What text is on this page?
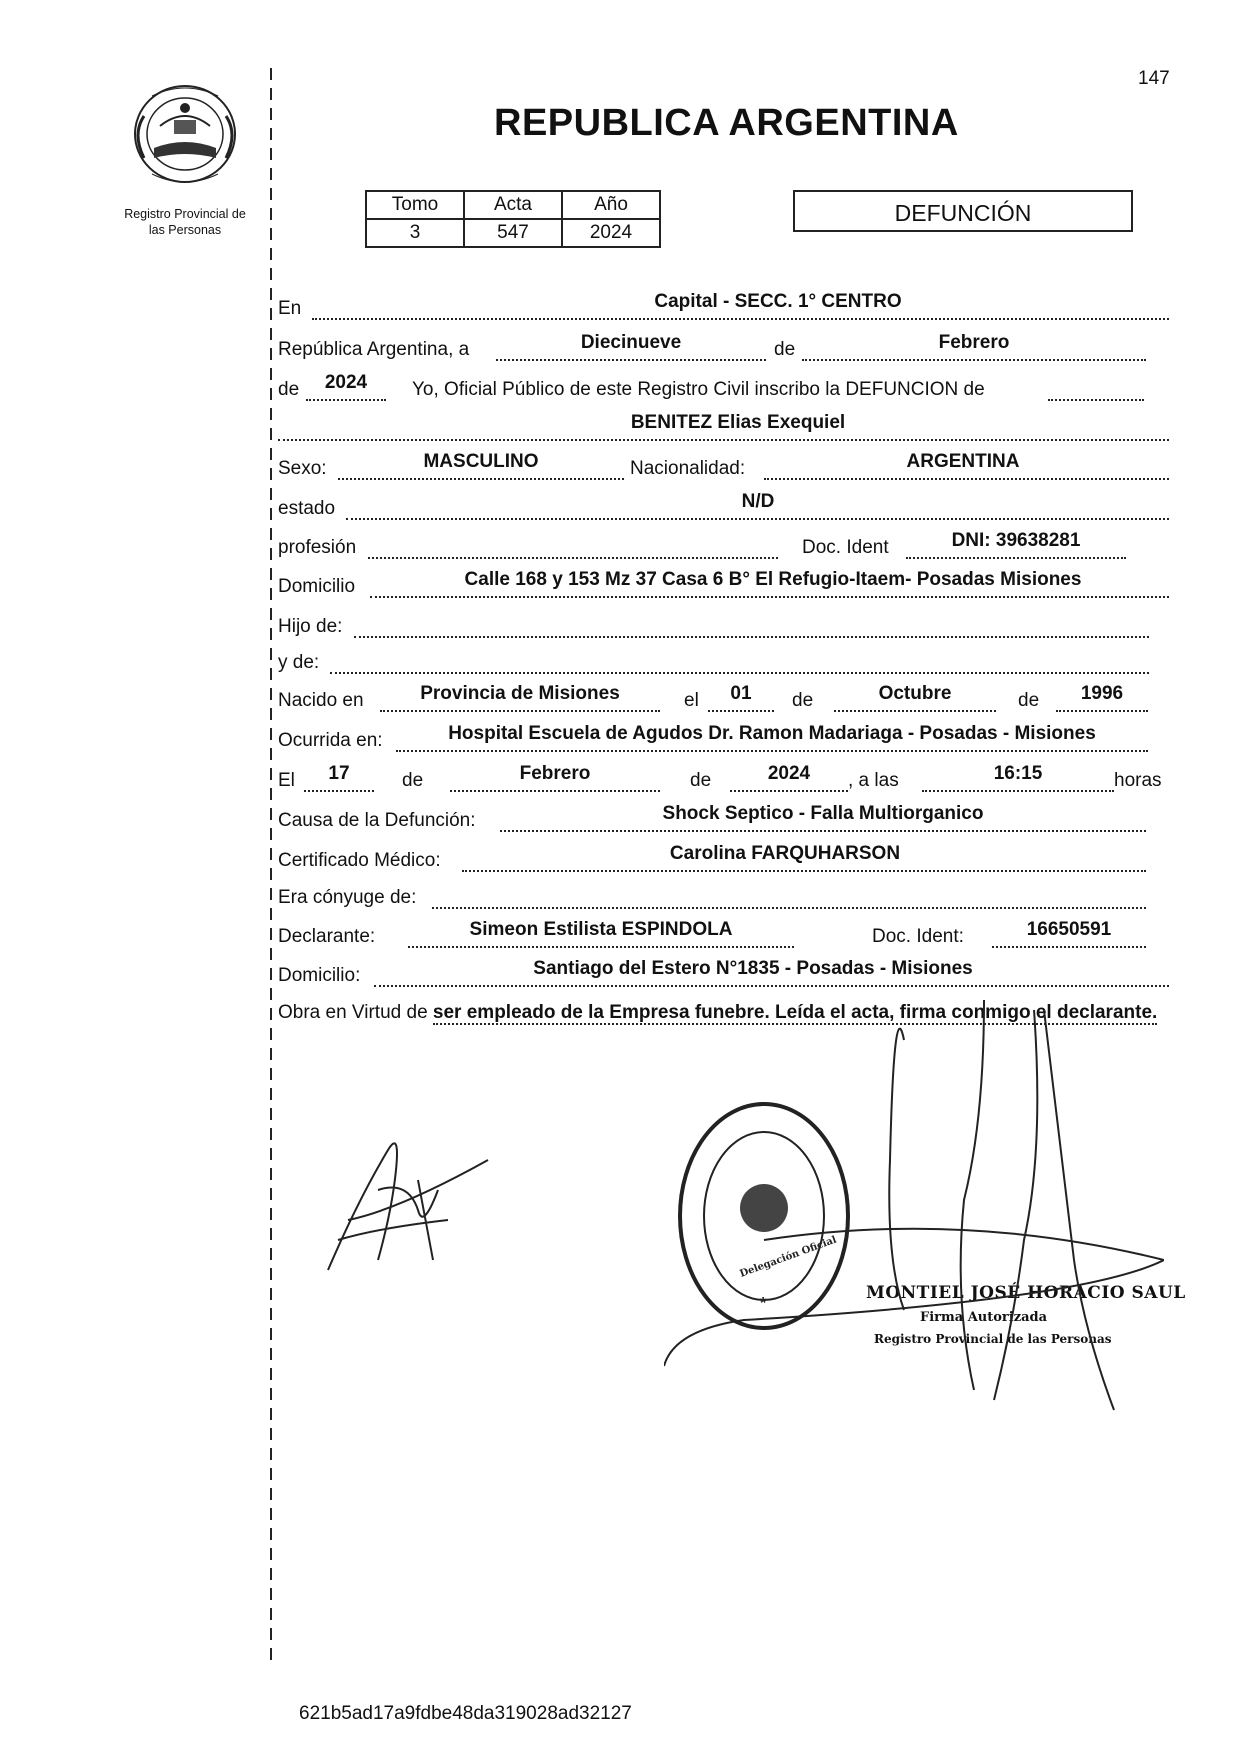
147
Registro Provincial de
las Personas
REPUBLICA ARGENTINA
Tomo	Acta	Año
3	547	2024
DEFUNCIÓN
En	Capital - SECC. 1° CENTRO
República Argentina, a	Diecinueve	de	Febrero
de	2024	Yo, Oficial Público de este Registro Civil inscribo la DEFUNCION de
BENITEZ Elias Exequiel
Sexo:	MASCULINO	Nacionalidad:	ARGENTINA
estado	N/D
profesión	Doc. Ident	DNI: 39638281
Domicilio	Calle 168 y 153 Mz 37 Casa 6 B° El Refugio-Itaem- Posadas Misiones
Hijo de:
y de:
Nacido en	Provincia de Misiones	el	01	de	Octubre	de	1996
Ocurrida en:	Hospital Escuela de Agudos Dr. Ramon Madariaga - Posadas - Misiones
El	17	de	Febrero	de	2024	, a las	16:15	horas
Causa de la Defunción:	Shock Septico - Falla Multiorganico
Certificado Médico:	Carolina FARQUHARSON
Era cónyuge de:
Declarante:	Simeon Estilista ESPINDOLA	Doc. Ident:	16650591
Domicilio:	Santiago del Estero N°1835 - Posadas - Misiones
Obra en Virtud de ser empleado de la Empresa funebre. Leída el acta, firma conmigo el declarante.
Delegación Oficial
*
MONTIEL JOSÉ HORACIO SAUL
Firma Autorizada
Registro Provincial de las Personas
621b5ad17a9fdbe48da319028ad32127
